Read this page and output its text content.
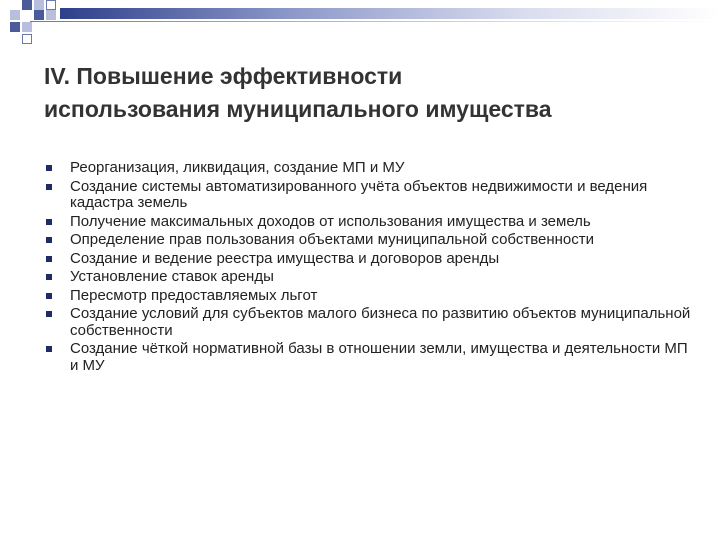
IV. Повышение эффективности
использования муниципального имущества
Реорганизация, ликвидация, создание МП и МУ
Создание системы автоматизированного учёта объектов недвижимости и ведения кадастра земель
Получение максимальных доходов от использования имущества и земель
Определение прав пользования объектами муниципальной собственности
Создание и ведение реестра имущества и договоров аренды
Установление ставок аренды
Пересмотр предоставляемых льгот
Создание условий для субъектов малого бизнеса по развитию объектов муниципальной собственности
Создание чёткой нормативной базы в отношении земли, имущества и деятельности МП и МУ
